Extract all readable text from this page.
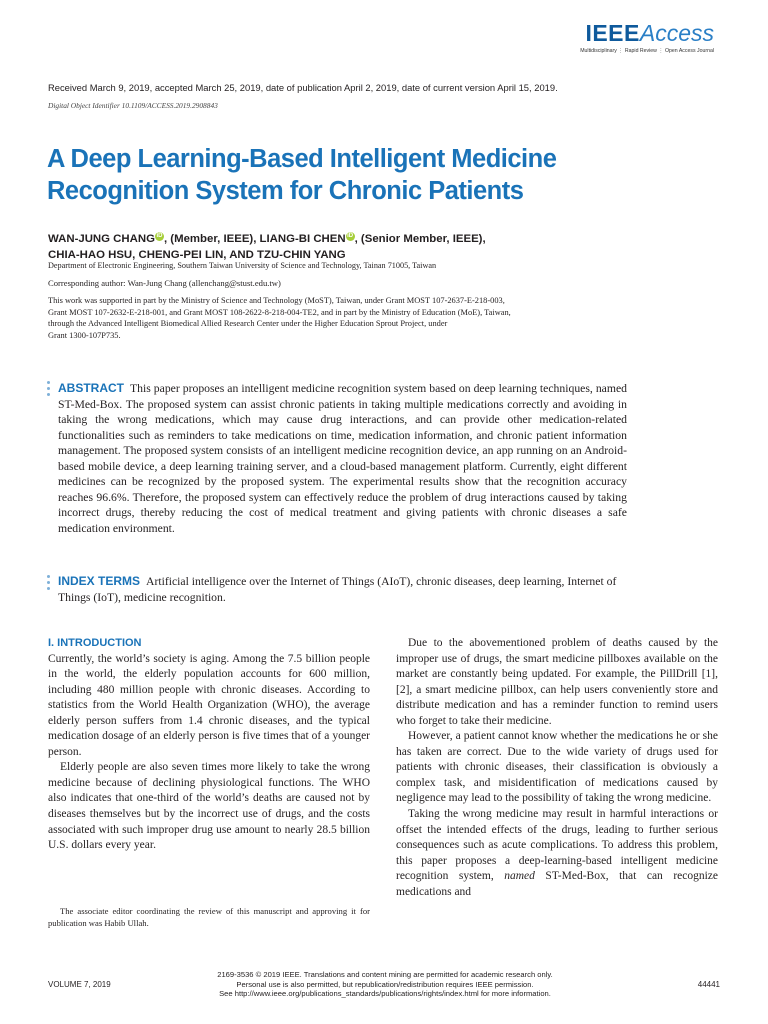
IEEEAccess
Multidisciplinary ⋮ Rapid Review ⋮ Open Access Journal
Received March 9, 2019, accepted March 25, 2019, date of publication April 2, 2019, date of current version April 15, 2019.
Digital Object Identifier 10.1109/ACCESS.2019.2908843
A Deep Learning-Based Intelligent Medicine
Recognition System for Chronic Patients
WAN-JUNG CHANG iD , (Member, IEEE), LIANG-BI CHEN iD , (Senior Member, IEEE),
CHIA-HAO HSU, CHENG-PEI LIN, AND TZU-CHIN YANG
Department of Electronic Engineering, Southern Taiwan University of Science and Technology, Tainan 71005, Taiwan
Corresponding author: Wan-Jung Chang (allenchang@stust.edu.tw)
This work was supported in part by the Ministry of Science and Technology (MoST), Taiwan, under Grant MOST 107-2637-E-218-003,
Grant MOST 107-2632-E-218-001, and Grant MOST 108-2622-8-218-004-TE2, and in part by the Ministry of Education (MoE), Taiwan,
through the Advanced Intelligent Biomedical Allied Research Center under the Higher Education Sprout Project, under
Grant 1300-107P735.
ABSTRACT This paper proposes an intelligent medicine recognition system based on deep learning techniques, named ST-Med-Box. The proposed system can assist chronic patients in taking multiple medications correctly and avoiding in taking the wrong medications, which may cause drug interactions, and can provide other medication-related functionalities such as reminders to take medications on time, medication information, and chronic patient information management. The proposed system consists of an intelligent medicine recognition device, an app running on an Android-based mobile device, a deep learning training server, and a cloud-based management platform. Currently, eight different medicines can be recognized by the proposed system. The experimental results show that the recognition accuracy reaches 96.6%. Therefore, the proposed system can effectively reduce the problem of drug interactions caused by taking incorrect drugs, thereby reducing the cost of medical treatment and giving patients with chronic diseases a safe medication environment.
INDEX TERMS Artificial intelligence over the Internet of Things (AIoT), chronic diseases, deep learning, Internet of Things (IoT), medicine recognition.
I. INTRODUCTION

Currently, the world’s society is aging. Among the 7.5 billion people in the world, the elderly population accounts for 600 million, including 480 million people with chronic diseases. According to statistics from the World Health Organization (WHO), the average elderly person suffers from 1.4 chronic diseases, and the typical medication dosage of an elderly person is five times that of a younger person.

Elderly people are also seven times more likely to take the wrong medicine because of declining physiological functions. The WHO also indicates that one-third of the world’s deaths are caused not by diseases themselves but by the incorrect use of drugs, and the costs associated with such improper drug use amount to nearly 28.5 billion U.S. dollars every year.

The associate editor coordinating the review of this manuscript and approving it for publication was Habib Ullah.

Due to the abovementioned problem of deaths caused by the improper use of drugs, the smart medicine pillboxes available on the market are constantly being updated. For example, the PillDrill [1], [2], a smart medicine pillbox, can help users conveniently store and distribute medication and has a reminder function to remind users who forget to take their medicine.

However, a patient cannot know whether the medications he or she has taken are correct. Due to the wide variety of drugs used for patients with chronic diseases, their classification is obviously a complex task, and misidentification of medications caused by negligence may lead to the possibility of taking the wrong medicine.

Taking the wrong medicine may result in harmful interactions or offset the intended effects of the drugs, leading to further serious consequences such as acute complications. To address this problem, this paper proposes a deep-learning-based intelligent medicine recognition system, named ST-Med-Box, that can recognize medications and

VOLUME 7, 2019
2169-3536 © 2019 IEEE. Translations and content mining are permitted for academic research only.
Personal use is also permitted, but republication/redistribution requires IEEE permission.
See http://www.ieee.org/publications_standards/publications/rights/index.html for more information.
44441
